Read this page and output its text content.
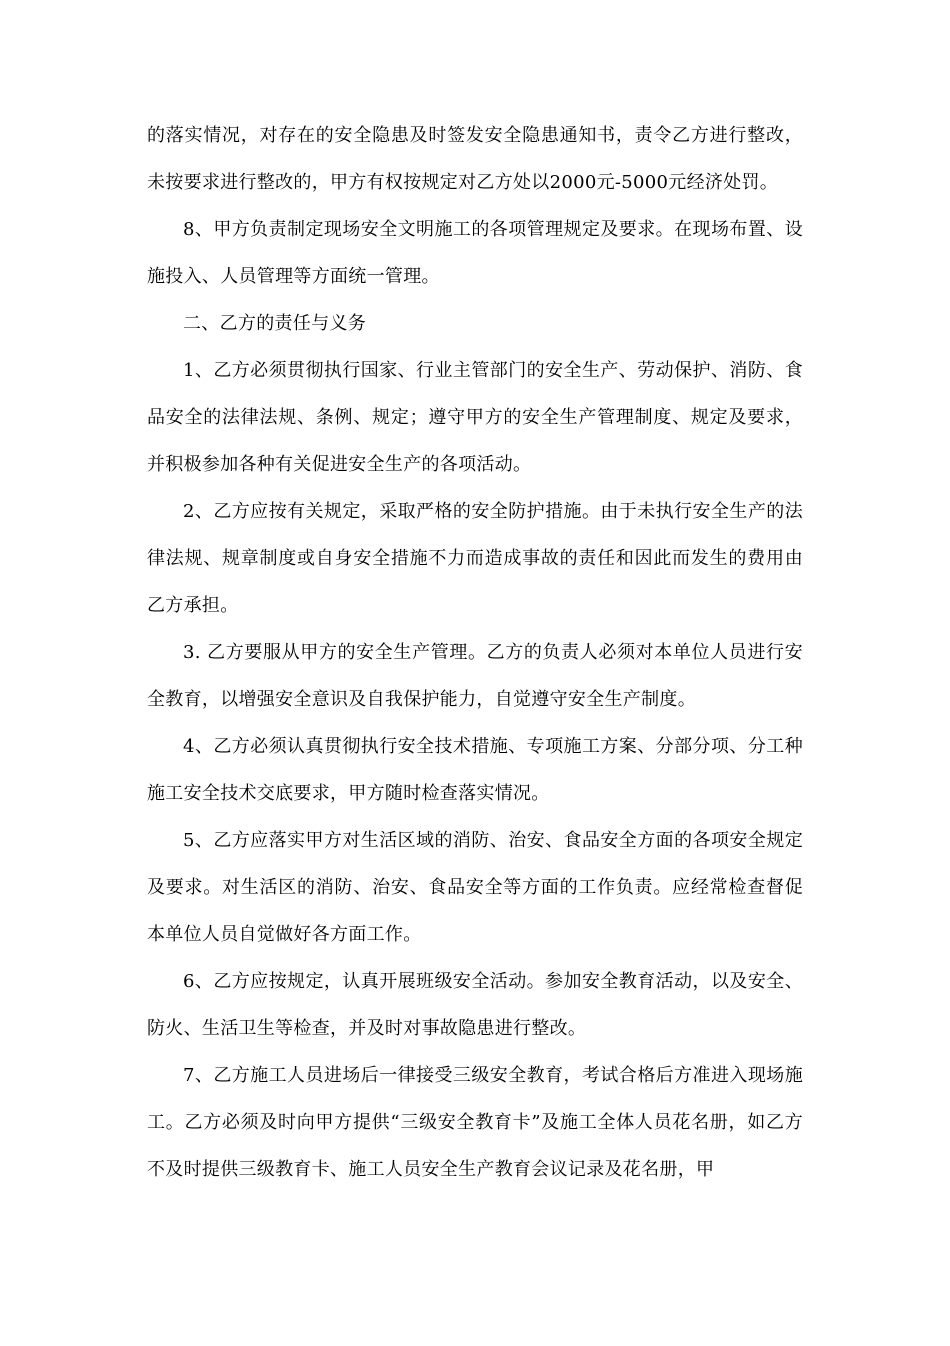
的落实情况，对存在的安全隐患及时签发安全隐患通知书，责令乙方进行整改，未按要求进行整改的，甲方有权按规定对乙方处以2000元-5000元经济处罚。

8、甲方负责制定现场安全文明施工的各项管理规定及要求。在现场布置、设施投入、人员管理等方面统一管理。

二、乙方的责任与义务

1、乙方必须贯彻执行国家、行业主管部门的安全生产、劳动保护、消防、食品安全的法律法规、条例、规定；遵守甲方的安全生产管理制度、规定及要求，并积极参加各种有关促进安全生产的各项活动。

2、乙方应按有关规定，采取严格的安全防护措施。由于未执行安全生产的法律法规、规章制度或自身安全措施不力而造成事故的责任和因此而发生的费用由乙方承担。

3. 乙方要服从甲方的安全生产管理。乙方的负责人必须对本单位人员进行安全教育，以增强安全意识及自我保护能力，自觉遵守安全生产制度。

4、乙方必须认真贯彻执行安全技术措施、专项施工方案、分部分项、分工种施工安全技术交底要求，甲方随时检查落实情况。

5、乙方应落实甲方对生活区域的消防、治安、食品安全方面的各项安全规定及要求。对生活区的消防、治安、食品安全等方面的工作负责。应经常检查督促本单位人员自觉做好各方面工作。

6、乙方应按规定，认真开展班级安全活动。参加安全教育活动，以及安全、防火、生活卫生等检查，并及时对事故隐患进行整改。

7、乙方施工人员进场后一律接受三级安全教育，考试合格后方准进入现场施工。乙方必须及时向甲方提供“三级安全教育卡”及施工全体人员花名册，如乙方不及时提供三级教育卡、施工人员安全生产教育会议记录及花名册，甲
